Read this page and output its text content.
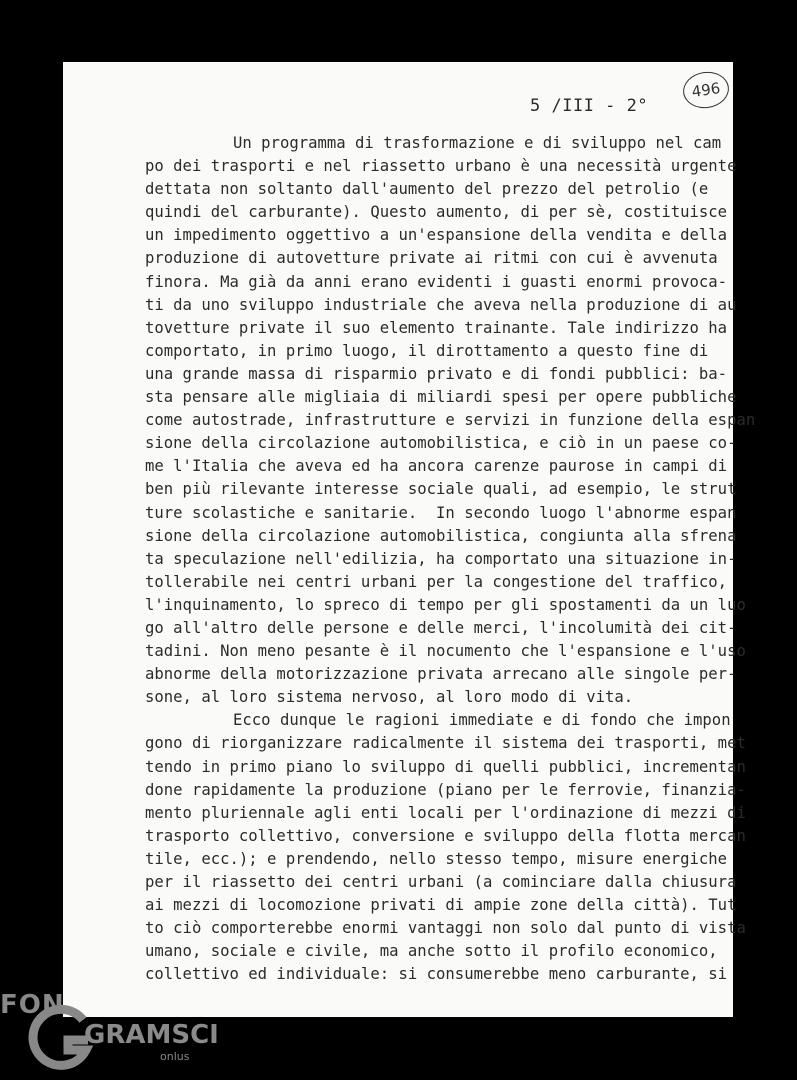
5 /III - 2°
496
Un programma di trasformazione e di sviluppo nel cam
po dei trasporti e nel riassetto urbano è una necessità urgente
dettata non soltanto dall'aumento del prezzo del petrolio (e
quindi del carburante). Questo aumento, di per sè, costituisce
un impedimento oggettivo a un'espansione della vendita e della
produzione di autovetture private ai ritmi con cui è avvenuta
finora. Ma già da anni erano evidenti i guasti enormi provoca-
ti da uno sviluppo industriale che aveva nella produzione di au
tovetture private il suo elemento trainante. Tale indirizzo ha
comportato, in primo luogo, il dirottamento a questo fine di
una grande massa di risparmio privato e di fondi pubblici: ba-
sta pensare alle migliaia di miliardi spesi per opere pubbliche
come autostrade, infrastrutture e servizi in funzione della espan
sione della circolazione automobilistica, e ciò in un paese co-
me l'Italia che aveva ed ha ancora carenze paurose in campi di
ben più rilevante interesse sociale quali, ad esempio, le strut
ture scolastiche e sanitarie.  In secondo luogo l'abnorme espan
sione della circolazione automobilistica, congiunta alla sfrena
ta speculazione nell'edilizia, ha comportato una situazione in-
tollerabile nei centri urbani per la congestione del traffico,
l'inquinamento, lo spreco di tempo per gli spostamenti da un luo
go all'altro delle persone e delle merci, l'incolumità dei cit-
tadini. Non meno pesante è il nocumento che l'espansione e l'uso
abnorme della motorizzazione privata arrecano alle singole per-
sone, al loro sistema nervoso, al loro modo di vita.
Ecco dunque le ragioni immediate e di fondo che impon
gono di riorganizzare radicalmente il sistema dei trasporti, met
tendo in primo piano lo sviluppo di quelli pubblici, incrementan
done rapidamente la produzione (piano per le ferrovie, finanzia-
mento pluriennale agli enti locali per l'ordinazione di mezzi di
trasporto collettivo, conversione e sviluppo della flotta mercan
tile, ecc.); e prendendo, nello stesso tempo, misure energiche
per il riassetto dei centri urbani (a cominciare dalla chiusura
ai mezzi di locomozione privati di ampie zone della città). Tut
to ciò comporterebbe enormi vantaggi non solo dal punto di vista
umano, sociale e civile, ma anche sotto il profilo economico,
collettivo ed individuale: si consumerebbe meno carburante, si
FON
GRAMSCI
onlus
